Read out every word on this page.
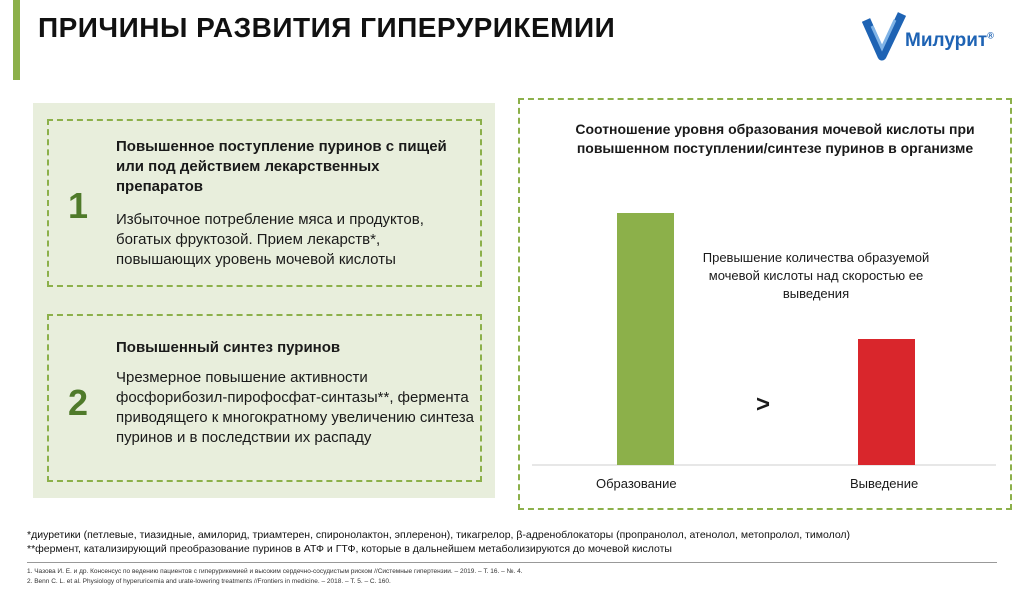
ПРИЧИНЫ РАЗВИТИЯ ГИПЕРУРИКЕМИИ	Милурит®
1
Повышенное поступление пуринов с пищей или под действием лекарственных препаратов
Избыточное потребление мяса и продуктов, богатых фруктозой. Прием лекарств*, повышающих уровень мочевой кислоты
2
Повышенный синтез пуринов
Чрезмерное повышение активности фосфорибозил-пирофосфат-синтазы**, фермента приводящего к многократному увеличению синтеза пуринов и в последствии их распаду
Соотношение уровня образования мочевой кислоты при повышенном поступлении/синтезе пуринов в организме
Превышение количества образуемой мочевой кислоты над скоростью ее выведения
>
Образование	Выведение
*диуретики (петлевые, тиазидные, амилорид, триамтерен, спиронолактон, эплеренон), тикагрелор, β-адреноблокаторы (пропранолол, атенолол, метопролол, тимолол)
**фермент, катализирующий преобразование пуринов в АТФ и ГТФ, которые в дальнейшем метаболизируются до мочевой кислоты
1. Чазова И. Е. и др. Консенсус по ведению пациентов с гиперурикемией и высоким сердечно-сосудистым риском //Системные гипертензии. – 2019. – Т. 16. – №. 4.
2. Benn C. L. et al. Physiology of hyperuricemia and urate-lowering treatments //Frontiers in medicine. – 2018. – Т. 5. – С. 160.
